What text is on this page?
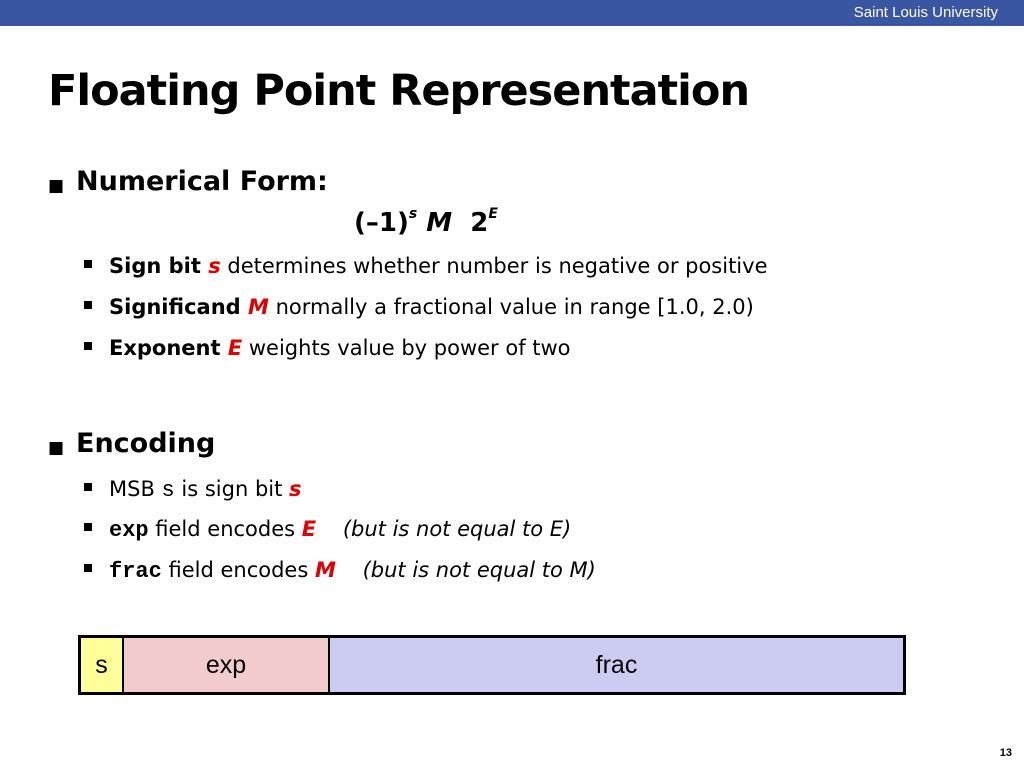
Saint Louis University
Floating Point Representation
■ Numerical Form:
$(-1)^s$ M $2^E$
Sign bit s determines whether number is negative or positive
Significand M normally a fractional value in range [1.0, 2.0)
Exponent E weights value by power of two
■ Encoding
MSB s is sign bit s
exp field encodes E    (but is not equal to E)
frac field encodes M    (but is not equal to M)
s	exp	frac
13
